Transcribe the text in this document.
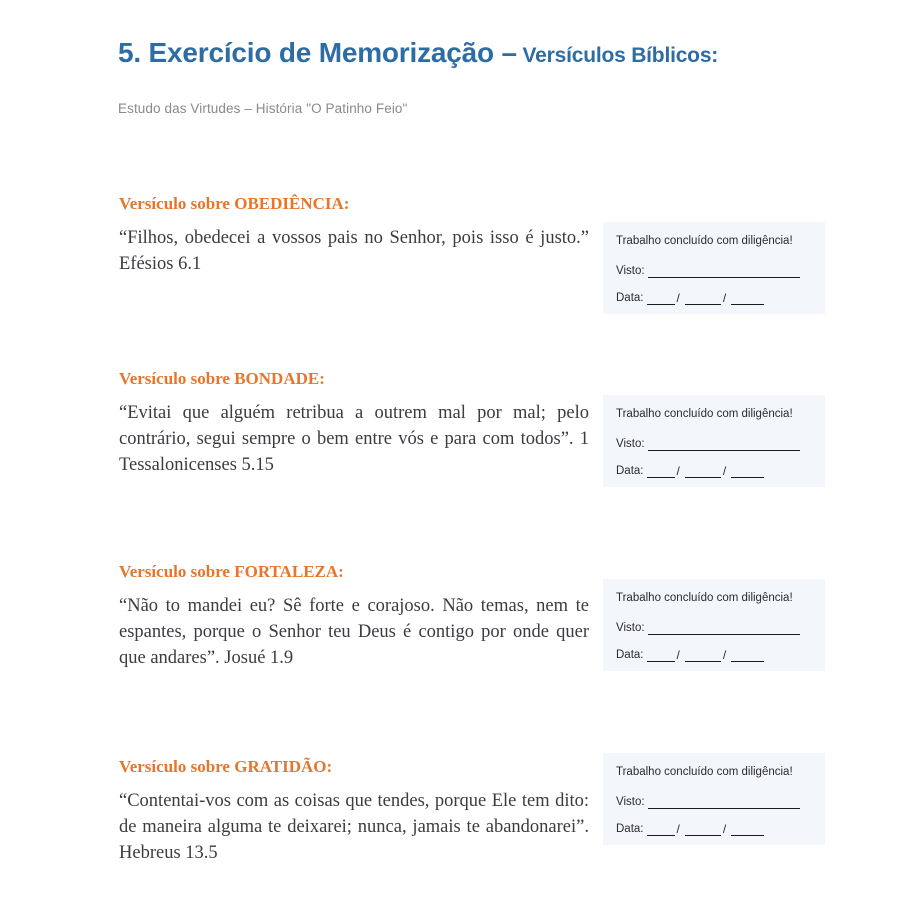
5. Exercício de Memorização – Versículos Bíblicos:

Estudo das Virtudes – História "O Patinho Feio"

Versículo sobre OBEDIÊNCIA:

“Filhos, obedecei a vossos pais no Senhor, pois isso é justo.” Efésios 6.1

Trabalho concluído com diligência!

Visto:
Data:	/	/
Versículo sobre BONDADE:

“Evitai que alguém retribua a outrem mal por mal; pelo contrário, segui sempre o bem entre vós e para com todos”. 1 Tessalonicenses 5.15

Trabalho concluído com diligência!

Visto:
Data:	/	/
Versículo sobre FORTALEZA:

“Não to mandei eu? Sê forte e corajoso. Não temas, nem te espantes, porque o Senhor teu Deus é contigo por onde quer que andares”. Josué 1.9

Trabalho concluído com diligência!

Visto:
Data:	/	/
Versículo sobre GRATIDÃO:

“Contentai-vos com as coisas que tendes, porque Ele tem dito: de maneira alguma te deixarei; nunca, jamais te abandonarei”. Hebreus 13.5

Trabalho concluído com diligência!

Visto:
Data:	/	/
